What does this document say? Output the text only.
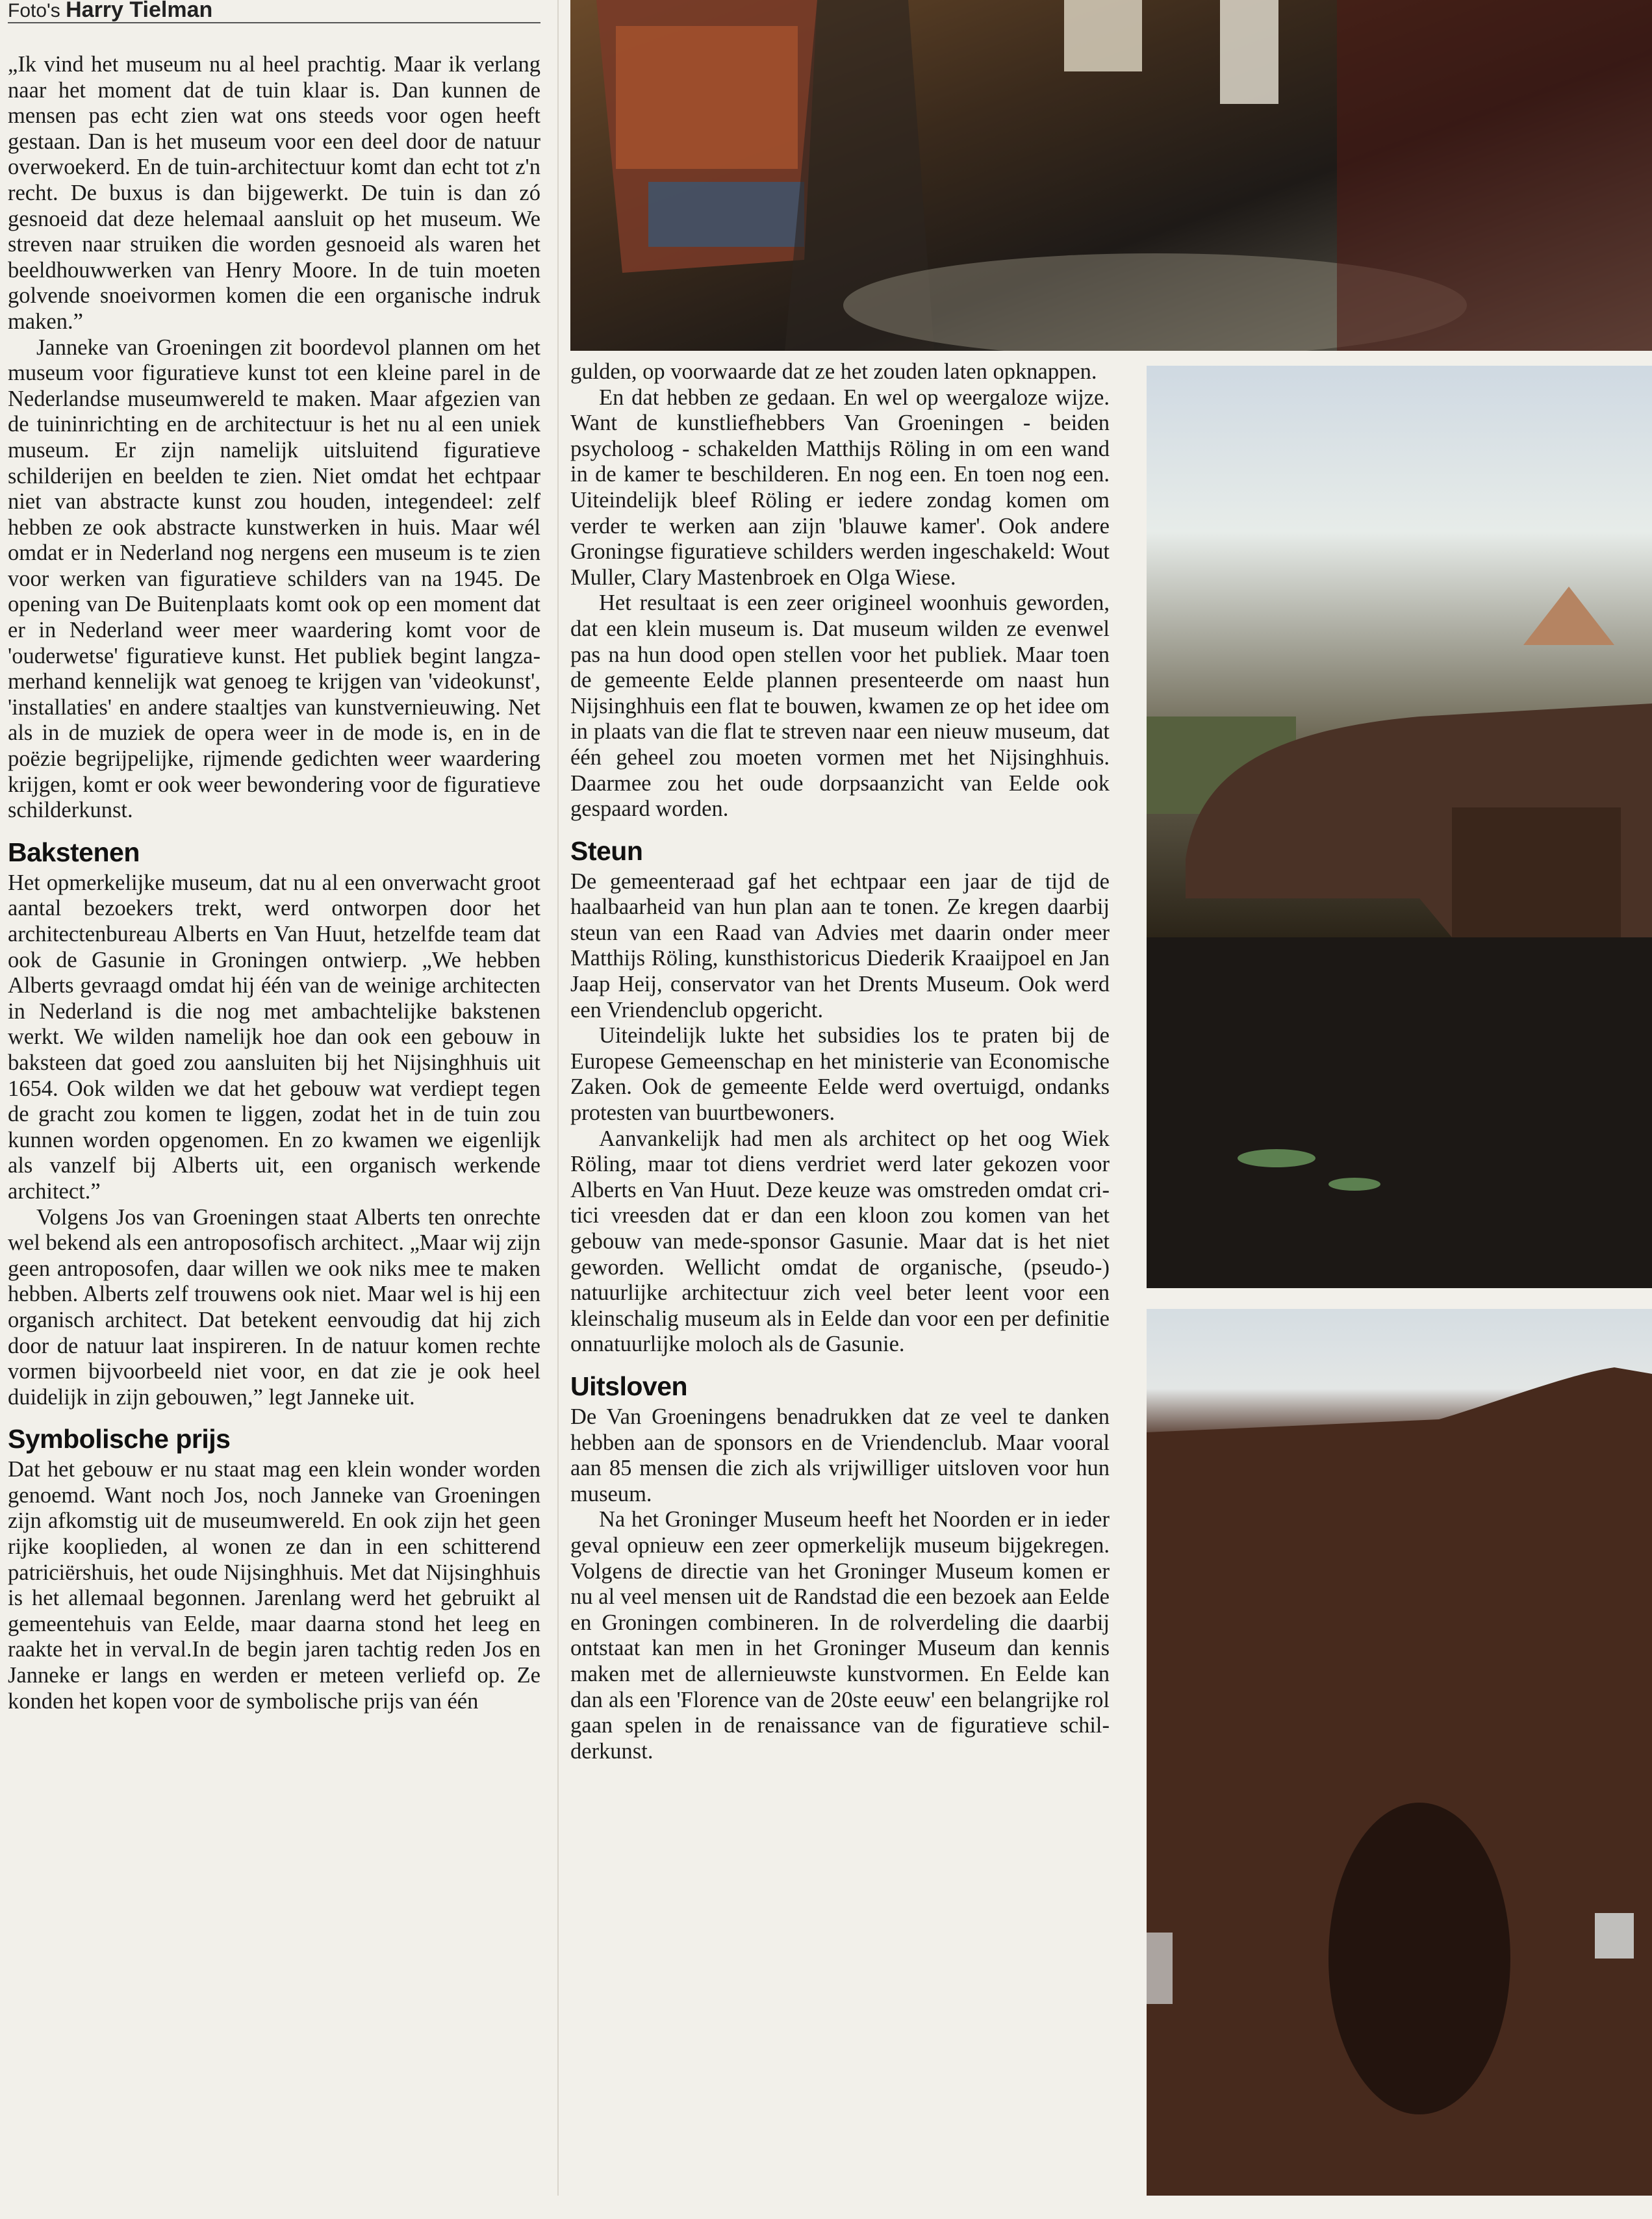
Foto's Harry Tielman

„Ik vind het museum nu al heel prachtig. Maar ik verlang naar het moment dat de tuin klaar is. Dan kunnen de mensen pas echt zien wat ons steeds voor ogen heeft gestaan. Dan is het museum voor een deel door de natuur overwoekerd. En de tuin-architectuur komt dan echt tot z'n recht. De buxus is dan bijgewerkt. De tuin is dan zó gesnoeid dat deze helemaal aansluit op het museum. We streven naar struiken die worden gesnoeid als waren het beeldhouwwerken van Henry Moore. In de tuin moeten golvende snoeivormen komen die een organische indruk maken.”

Janneke van Groeningen zit boordevol plannen om het museum voor figuratieve kunst tot een kleine parel in de Nederlandse museumwereld te maken. Maar afgezien van de tuininrichting en de architectuur is het nu al een uniek museum. Er zijn namelijk uitsluitend figuratieve schilderijen en beelden te zien. Niet omdat het echtpaar niet van abstracte kunst zou houden, integendeel: zelf hebben ze ook abstracte kunstwerken in huis. Maar wél omdat er in Nederland nog nergens een museum is te zien voor werken van figuratieve schilders van na 1945. De opening van De Buitenplaats komt ook op een moment dat er in Nederland weer meer waardering komt voor de 'ouderwetse' figuratieve kunst. Het publiek begint langzamerhand kennelijk wat genoeg te krijgen van 'videokunst', 'installaties' en andere staaltjes van kunstvernieuwing. Net als in de muziek de opera weer in de mode is, en in de poëzie begrijpelijke, rijmende gedichten weer waardering krijgen, komt er ook weer bewondering voor de figuratieve schilderkunst.

Bakstenen

Het opmerkelijke museum, dat nu al een onverwacht groot aantal bezoekers trekt, werd ontworpen door het architectenbureau Alberts en Van Huut, hetzelfde team dat ook de Gasunie in Groningen ontwierp. „We hebben Alberts gevraagd omdat hij één van de weinige architecten in Nederland is die nog met ambachtelijke bakstenen werkt. We wilden namelijk hoe dan ook een gebouw in baksteen dat goed zou aansluiten bij het Nijsinghhuis uit 1654. Ook wilden we dat het gebouw wat verdiept tegen de gracht zou komen te liggen, zodat het in de tuin zou kunnen worden opgenomen. En zo kwamen we eigenlijk als vanzelf bij Alberts uit, een organisch werkende architect.”

Volgens Jos van Groeningen staat Alberts ten onrechte wel bekend als een antroposofisch architect. „Maar wij zijn geen antroposofen, daar willen we ook niks mee te maken hebben. Alberts zelf trouwens ook niet. Maar wel is hij een organisch architect. Dat betekent eenvoudig dat hij zich door de natuur laat inspireren. In de natuur komen rechte vormen bijvoorbeeld niet voor, en dat zie je ook heel duidelijk in zijn gebouwen,” legt Janneke uit.

Symbolische prijs

Dat het gebouw er nu staat mag een klein wonder worden genoemd. Want noch Jos, noch Janneke van Groeningen zijn afkomstig uit de museumwereld. En ook zijn het geen rijke kooplieden, al wonen ze dan in een schitterend patriciërshuis, het oude Nijsinghhuis. Met dat Nijsinghhuis is het allemaal begonnen. Jarenlang werd het gebruikt al gemeentehuis van Eelde, maar daarna stond het leeg en raakte het in verval.In de begin jaren tachtig reden Jos en Janneke er langs en werden er meteen verliefd op. Ze konden het kopen voor de symbolische prijs van één

gulden, op voorwaarde dat ze het zouden laten opknappen.

En dat hebben ze gedaan. En wel op weergaloze wijze. Want de kunstliefhebbers Van Groeningen - beiden psycholoog - schakelden Matthijs Röling in om een wand in de kamer te beschilderen. En nog een. En toen nog een. Uiteindelijk bleef Röling er iedere zondag komen om verder te werken aan zijn 'blauwe kamer'. Ook andere Groningse figuratieve schilders werden ingeschakeld: Wout Muller, Clary Mastenbroek en Olga Wiese.

Het resultaat is een zeer origineel woonhuis geworden, dat een klein museum is. Dat museum wilden ze evenwel pas na hun dood open stellen voor het publiek. Maar toen de gemeente Eelde plannen presenteerde om naast hun Nijsinghhuis een flat te bouwen, kwamen ze op het idee om in plaats van die flat te streven naar een nieuw museum, dat één geheel zou moeten vormen met het Nijsinghhuis. Daarmee zou het oude dorpsaanzicht van Eelde ook gespaard worden.

Steun

De gemeenteraad gaf het echtpaar een jaar de tijd de haalbaarheid van hun plan aan te tonen. Ze kregen daarbij steun van een Raad van Advies met daarin onder meer Matthijs Röling, kunsthistoricus Diederik Kraaijpoel en Jan Jaap Heij, conservator van het Drents Museum. Ook werd een Vriendenclub opgericht.

Uiteindelijk lukte het subsidies los te praten bij de Europese Gemeenschap en het ministerie van Economische Zaken. Ook de gemeente Eelde werd overtuigd, ondanks protesten van buurtbewoners.

Aanvankelijk had men als architect op het oog Wiek Röling, maar tot diens verdriet werd later gekozen voor Alberts en Van Huut. Deze keuze was omstreden omdat critici vreesden dat er dan een kloon zou komen van het gebouw van mede-sponsor Gasunie. Maar dat is het niet geworden. Wellicht omdat de organische, (pseudo-) natuurlijke architectuur zich veel beter leent voor een kleinschalig museum als in Eelde dan voor een per definitie onnatuurlijke moloch als de Gasunie.

Uitsloven

De Van Groeningens benadrukken dat ze veel te danken hebben aan de sponsors en de Vriendenclub. Maar vooral aan 85 mensen die zich als vrijwilliger uitsloven voor hun museum.

Na het Groninger Museum heeft het Noorden er in ieder geval opnieuw een zeer opmerkelijk museum bijgekregen. Volgens de directie van het Groninger Museum komen er nu al veel mensen uit de Randstad die een bezoek aan Eelde en Groningen combineren. In de rolverdeling die daarbij ontstaat kan men in het Groninger Museum dan kennis maken met de allernieuwste kunstvormen. En Eelde kan dan als een 'Florence van de 20ste eeuw' een belangrijke rol gaan spelen in de renaissance van de figuratieve schilderkunst.
